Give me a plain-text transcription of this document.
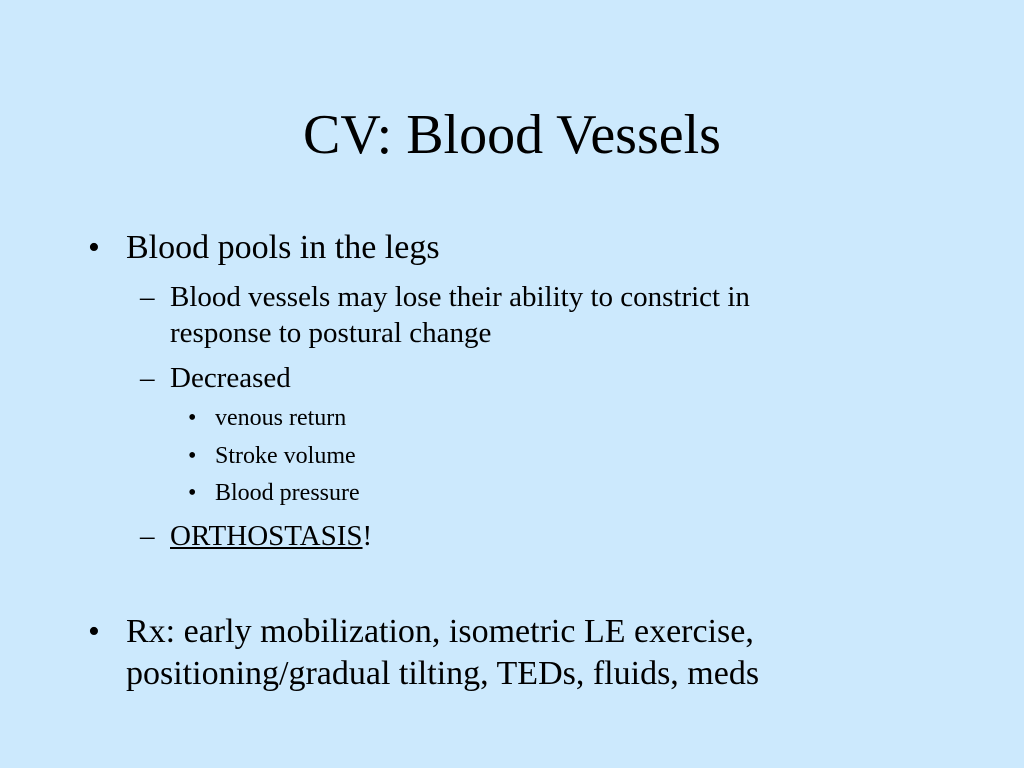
CV: Blood Vessels
• Blood pools in the legs
– Blood vessels may lose their ability to constrict in
response to postural change
– Decreased
• venous return
• Stroke volume
• Blood pressure
– ORTHOSTASIS!
• Rx: early mobilization, isometric LE exercise,
positioning/gradual tilting, TEDs, fluids, meds
